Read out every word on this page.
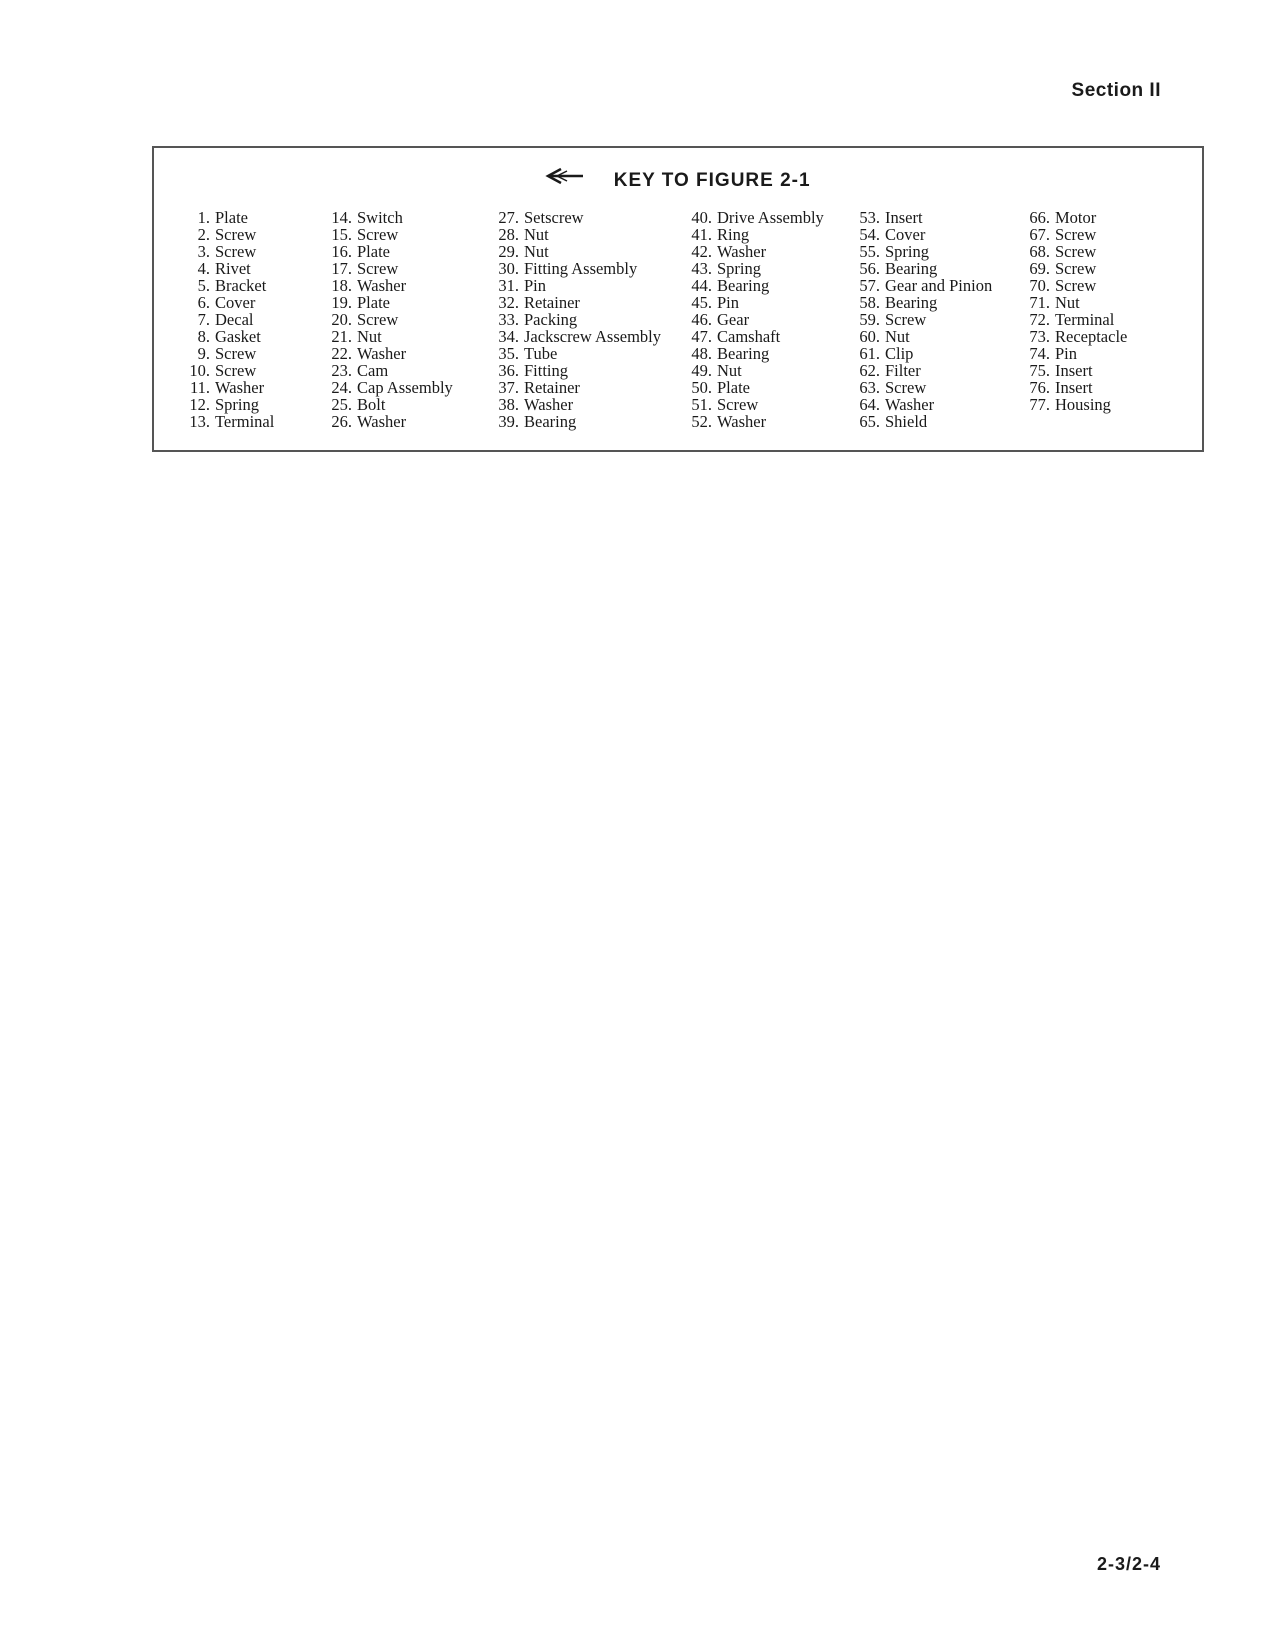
Section II
KEY TO FIGURE 2-1
1. Plate
2. Screw
3. Screw
4. Rivet
5. Bracket
6. Cover
7. Decal
8. Gasket
9. Screw
10. Screw
11. Washer
12. Spring
13. Terminal
14. Switch
15. Screw
16. Plate
17. Screw
18. Washer
19. Plate
20. Screw
21. Nut
22. Washer
23. Cam
24. Cap Assembly
25. Bolt
26. Washer
27. Setscrew
28. Nut
29. Nut
30. Fitting Assembly
31. Pin
32. Retainer
33. Packing
34. Jackscrew Assembly
35. Tube
36. Fitting
37. Retainer
38. Washer
39. Bearing
40. Drive Assembly
41. Ring
42. Washer
43. Spring
44. Bearing
45. Pin
46. Gear
47. Camshaft
48. Bearing
49. Nut
50. Plate
51. Screw
52. Washer
53. Insert
54. Cover
55. Spring
56. Bearing
57. Gear and Pinion
58. Bearing
59. Screw
60. Nut
61. Clip
62. Filter
63. Screw
64. Washer
65. Shield
66. Motor
67. Screw
68. Screw
69. Screw
70. Screw
71. Nut
72. Terminal
73. Receptacle
74. Pin
75. Insert
76. Insert
77. Housing
2-3/2-4
